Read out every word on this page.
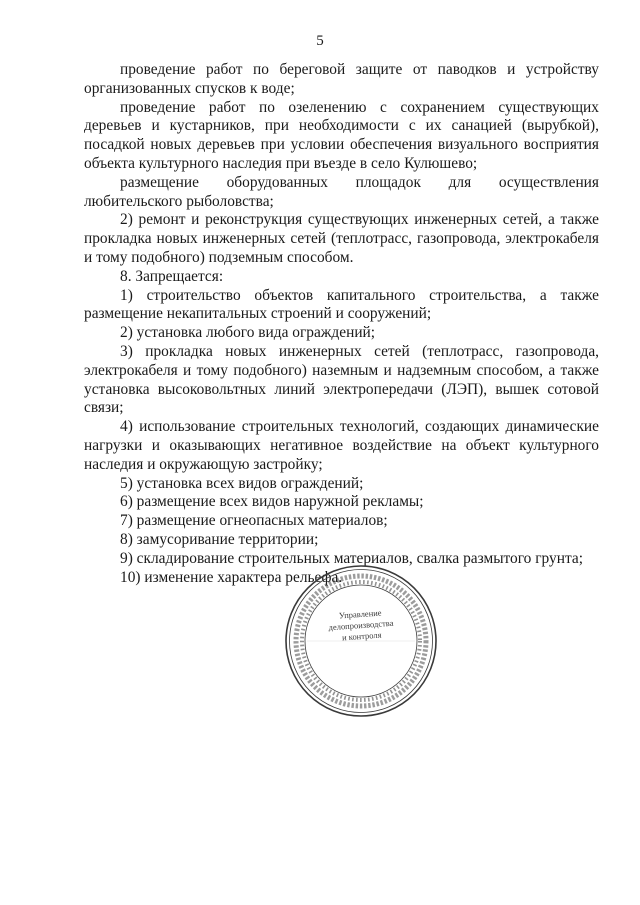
5

проведение работ по береговой защите от паводков и устройству организованных спусков к воде;

проведение работ по озеленению с сохранением существующих деревьев и кустарников, при необходимости с их санацией (вырубкой), посадкой новых деревьев при условии обеспечения визуального восприятия объекта культурного наследия при въезде в село Кулюшево;

размещение оборудованных площадок для осуществления любительского рыболовства;

2) ремонт и реконструкция существующих инженерных сетей, а также прокладка новых инженерных сетей (теплотрасс, газопровода, электрокабеля и тому подобного) подземным способом.

8. Запрещается:

1) строительство объектов капитального строительства, а также размещение некапитальных строений и сооружений;

2) установка любого вида ограждений;

3) прокладка новых инженерных сетей (теплотрасс, газопровода, электрокабеля и тому подобного) наземным и надземным способом, а также установка высоковольтных линий электропередачи (ЛЭП), вышек сотовой связи;

4) использование строительных технологий, создающих динамические нагрузки и оказывающих негативное воздействие на объект культурного наследия и окружающую застройку;

5) установка всех видов ограждений;

6) размещение всех видов наружной рекламы;

7) размещение огнеопасных материалов;

8) замусоривание территории;

9) складирование строительных материалов, свалка размытого грунта;

10) изменение характера рельефа.

Управление
делопроизводства
и контроля
